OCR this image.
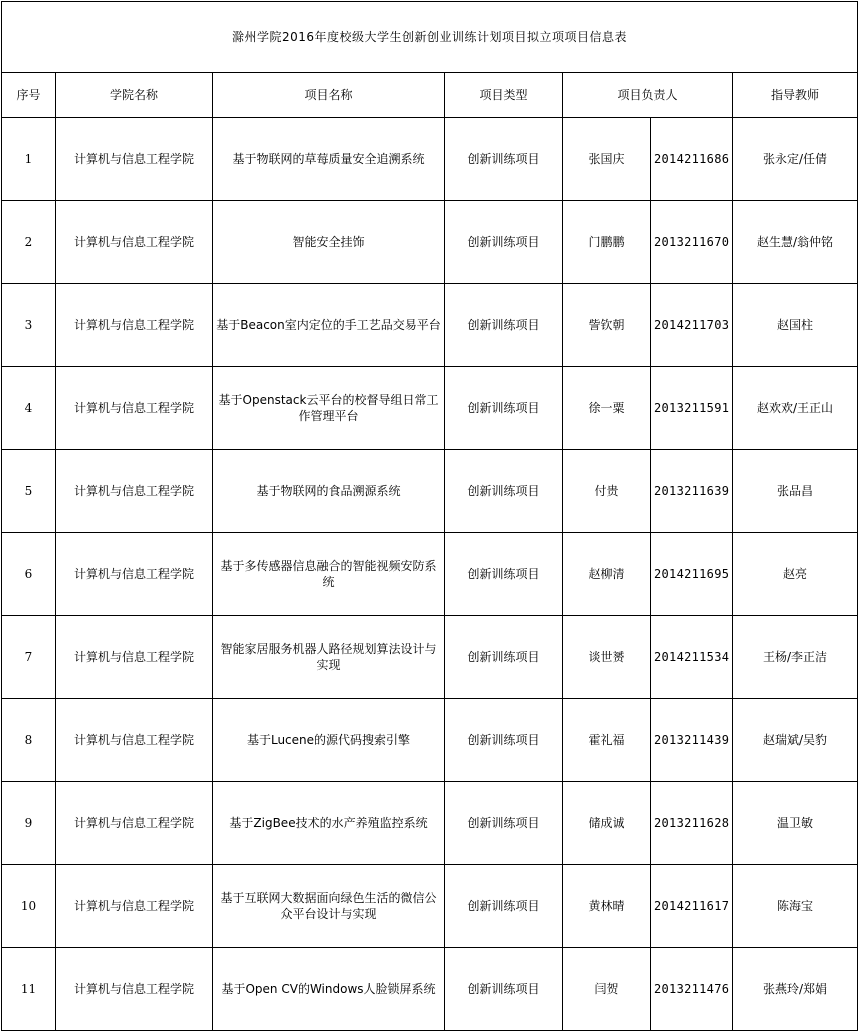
滁州学院2016年度校级大学生创新创业训练计划项目拟立项项目信息表						
序号	学院名称	项目名称	项目类型	项目负责人		指导教师
1	计算机与信息工程学院	基于物联网的草莓质量安全追溯系统	创新训练项目	张国庆	2014211686	张永定/任倩
2	计算机与信息工程学院	智能安全挂饰	创新训练项目	门鹏鹏	2013211670	赵生慧/翁仲铭
3	计算机与信息工程学院	基于Beacon室内定位的手工艺品交易平台	创新训练项目	訾钦朝	2014211703	赵国柱
4	计算机与信息工程学院	基于Openstack云平台的校督导组日常工作管理平台	创新训练项目	徐一粟	2013211591	赵欢欢/王正山
5	计算机与信息工程学院	基于物联网的食品溯源系统	创新训练项目	付贵	2013211639	张品昌
6	计算机与信息工程学院	基于多传感器信息融合的智能视频安防系统	创新训练项目	赵柳清	2014211695	赵亮
7	计算机与信息工程学院	智能家居服务机器人路径规划算法设计与实现	创新训练项目	谈世赟	2014211534	王杨/李正洁
8	计算机与信息工程学院	基于Lucene的源代码搜索引擎	创新训练项目	霍礼福	2013211439	赵瑞斌/吴豹
9	计算机与信息工程学院	基于ZigBee技术的水产养殖监控系统	创新训练项目	储成诚	2013211628	温卫敏
10	计算机与信息工程学院	基于互联网大数据面向绿色生活的微信公众平台设计与实现	创新训练项目	黄林晴	2014211617	陈海宝
11	计算机与信息工程学院	基于Open CV的Windows人脸锁屏系统	创新训练项目	闫贺	2013211476	张燕玲/郑娟
